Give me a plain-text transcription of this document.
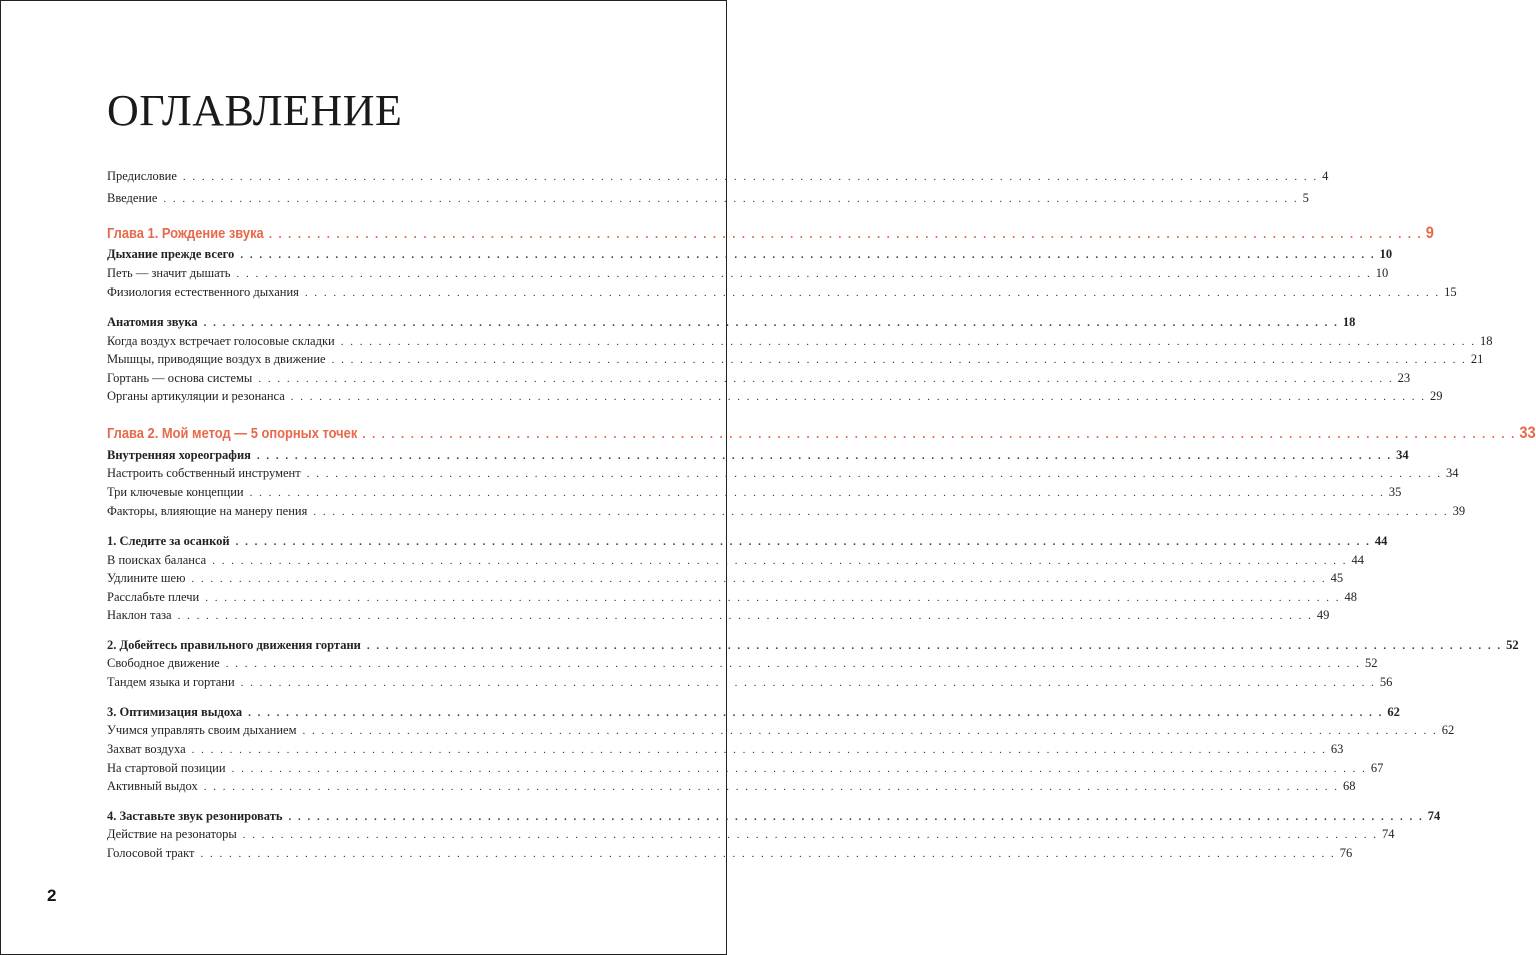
ОГЛАВЛЕНИЕ
Предисловие . . . . . . . . . . . . . . . . . . . . . . . . . . . . . . . . . . . . . . . . . . . . . . . . . . . . . . . . . . . . . . . . . . . . . . . . . . . . . . . . . . . . . . . . . . . . . . . . . . . . . . . . . . . . . . . . . . . . . . . . 4
Введение . . . . . . . . . . . . . . . . . . . . . . . . . . . . . . . . . . . . . . . . . . . . . . . . . . . . . . . . . . . . . . . . . . . . . . . . . . . . . . . . . . . . . . . . . . . . . . . . . . . . . . . . . . . . . . . . . . . . . . . . 5
Глава 1. Рождение звука . . . . . . . . . . . . . . . . . . . . . . . . . . . . . . . . . . . . . . . . . . . . . . . . . . . . . . . . . . . . . . . . . . . . . . . . . . . . . . . . . . . . . . . . . . . . . . . . . . . . . . . . . . . . . . . . . . . . . . . . 9
Дыхание прежде всего . . . . . . . . . . . . . . . . . . . . . . . . . . . . . . . . . . . . . . . . . . . . . . . . . . . . . . . . . . . . . . . . . . . . . . . . . . . . . . . . . . . . . . . . . . . . . . . . . . . . . . . . . . . . . . . . . . . . . . . . 10
Петь — значит дышать . . . . . . . . . . . . . . . . . . . . . . . . . . . . . . . . . . . . . . . . . . . . . . . . . . . . . . . . . . . . . . . . . . . . . . . . . . . . . . . . . . . . . . . . . . . . . . . . . . . . . . . . . . . . . . . . . . . . . . . . 10
Физиология естественного дыхания . . . . . . . . . . . . . . . . . . . . . . . . . . . . . . . . . . . . . . . . . . . . . . . . . . . . . . . . . . . . . . . . . . . . . . . . . . . . . . . . . . . . . . . . . . . . . . . . . . . . . . . . . . . . . . . . . . . . . . . . 15
Анатомия звука . . . . . . . . . . . . . . . . . . . . . . . . . . . . . . . . . . . . . . . . . . . . . . . . . . . . . . . . . . . . . . . . . . . . . . . . . . . . . . . . . . . . . . . . . . . . . . . . . . . . . . . . . . . . . . . . . . . . . . . . 18
Когда воздух встречает голосовые складки . . . . . . . . . . . . . . . . . . . . . . . . . . . . . . . . . . . . . . . . . . . . . . . . . . . . . . . . . . . . . . . . . . . . . . . . . . . . . . . . . . . . . . . . . . . . . . . . . . . . . . . . . . . . . . . . . . . . . . . . 18
Мышцы, приводящие воздух в движение . . . . . . . . . . . . . . . . . . . . . . . . . . . . . . . . . . . . . . . . . . . . . . . . . . . . . . . . . . . . . . . . . . . . . . . . . . . . . . . . . . . . . . . . . . . . . . . . . . . . . . . . . . . . . . . . . . . . . . . . 21
Гортань — основа системы . . . . . . . . . . . . . . . . . . . . . . . . . . . . . . . . . . . . . . . . . . . . . . . . . . . . . . . . . . . . . . . . . . . . . . . . . . . . . . . . . . . . . . . . . . . . . . . . . . . . . . . . . . . . . . . . . . . . . . . . 23
Органы артикуляции и резонанса . . . . . . . . . . . . . . . . . . . . . . . . . . . . . . . . . . . . . . . . . . . . . . . . . . . . . . . . . . . . . . . . . . . . . . . . . . . . . . . . . . . . . . . . . . . . . . . . . . . . . . . . . . . . . . . . . . . . . . . . 29
Глава 2. Мой метод — 5 опорных точек . . . . . . . . . . . . . . . . . . . . . . . . . . . . . . . . . . . . . . . . . . . . . . . . . . . . . . . . . . . . . . . . . . . . . . . . . . . . . . . . . . . . . . . . . . . . . . . . . . . . . . . . . . . . . . . . . . . . . . . . 33
Внутренняя хореография . . . . . . . . . . . . . . . . . . . . . . . . . . . . . . . . . . . . . . . . . . . . . . . . . . . . . . . . . . . . . . . . . . . . . . . . . . . . . . . . . . . . . . . . . . . . . . . . . . . . . . . . . . . . . . . . . . . . . . . . 34
Настроить собственный инструмент . . . . . . . . . . . . . . . . . . . . . . . . . . . . . . . . . . . . . . . . . . . . . . . . . . . . . . . . . . . . . . . . . . . . . . . . . . . . . . . . . . . . . . . . . . . . . . . . . . . . . . . . . . . . . . . . . . . . . . . . 34
Три ключевые концепции . . . . . . . . . . . . . . . . . . . . . . . . . . . . . . . . . . . . . . . . . . . . . . . . . . . . . . . . . . . . . . . . . . . . . . . . . . . . . . . . . . . . . . . . . . . . . . . . . . . . . . . . . . . . . . . . . . . . . . . . 35
Факторы, влияющие на манеру пения . . . . . . . . . . . . . . . . . . . . . . . . . . . . . . . . . . . . . . . . . . . . . . . . . . . . . . . . . . . . . . . . . . . . . . . . . . . . . . . . . . . . . . . . . . . . . . . . . . . . . . . . . . . . . . . . . . . . . . . . 39
1. Следите за осанкой . . . . . . . . . . . . . . . . . . . . . . . . . . . . . . . . . . . . . . . . . . . . . . . . . . . . . . . . . . . . . . . . . . . . . . . . . . . . . . . . . . . . . . . . . . . . . . . . . . . . . . . . . . . . . . . . . . . . . . . . 44
В поисках баланса . . . . . . . . . . . . . . . . . . . . . . . . . . . . . . . . . . . . . . . . . . . . . . . . . . . . . . . . . . . . . . . . . . . . . . . . . . . . . . . . . . . . . . . . . . . . . . . . . . . . . . . . . . . . . . . . . . . . . . . . 44
Удлините шею . . . . . . . . . . . . . . . . . . . . . . . . . . . . . . . . . . . . . . . . . . . . . . . . . . . . . . . . . . . . . . . . . . . . . . . . . . . . . . . . . . . . . . . . . . . . . . . . . . . . . . . . . . . . . . . . . . . . . . . . 45
Расслабьте плечи . . . . . . . . . . . . . . . . . . . . . . . . . . . . . . . . . . . . . . . . . . . . . . . . . . . . . . . . . . . . . . . . . . . . . . . . . . . . . . . . . . . . . . . . . . . . . . . . . . . . . . . . . . . . . . . . . . . . . . . . 48
Наклон таза . . . . . . . . . . . . . . . . . . . . . . . . . . . . . . . . . . . . . . . . . . . . . . . . . . . . . . . . . . . . . . . . . . . . . . . . . . . . . . . . . . . . . . . . . . . . . . . . . . . . . . . . . . . . . . . . . . . . . . . . 49
2. Добейтесь правильного движения гортани . . . . . . . . . . . . . . . . . . . . . . . . . . . . . . . . . . . . . . . . . . . . . . . . . . . . . . . . . . . . . . . . . . . . . . . . . . . . . . . . . . . . . . . . . . . . . . . . . . . . . . . . . . . . . . . . . . . . . . . . 52
Свободное движение . . . . . . . . . . . . . . . . . . . . . . . . . . . . . . . . . . . . . . . . . . . . . . . . . . . . . . . . . . . . . . . . . . . . . . . . . . . . . . . . . . . . . . . . . . . . . . . . . . . . . . . . . . . . . . . . . . . . . . . . 52
Тандем языка и гортани . . . . . . . . . . . . . . . . . . . . . . . . . . . . . . . . . . . . . . . . . . . . . . . . . . . . . . . . . . . . . . . . . . . . . . . . . . . . . . . . . . . . . . . . . . . . . . . . . . . . . . . . . . . . . . . . . . . . . . . . 56
3. Оптимизация выдоха . . . . . . . . . . . . . . . . . . . . . . . . . . . . . . . . . . . . . . . . . . . . . . . . . . . . . . . . . . . . . . . . . . . . . . . . . . . . . . . . . . . . . . . . . . . . . . . . . . . . . . . . . . . . . . . . . . . . . . . . 62
Учимся управлять своим дыханием . . . . . . . . . . . . . . . . . . . . . . . . . . . . . . . . . . . . . . . . . . . . . . . . . . . . . . . . . . . . . . . . . . . . . . . . . . . . . . . . . . . . . . . . . . . . . . . . . . . . . . . . . . . . . . . . . . . . . . . . 62
Захват воздуха . . . . . . . . . . . . . . . . . . . . . . . . . . . . . . . . . . . . . . . . . . . . . . . . . . . . . . . . . . . . . . . . . . . . . . . . . . . . . . . . . . . . . . . . . . . . . . . . . . . . . . . . . . . . . . . . . . . . . . . . 63
На стартовой позиции . . . . . . . . . . . . . . . . . . . . . . . . . . . . . . . . . . . . . . . . . . . . . . . . . . . . . . . . . . . . . . . . . . . . . . . . . . . . . . . . . . . . . . . . . . . . . . . . . . . . . . . . . . . . . . . . . . . . . . . . 67
Активный выдох . . . . . . . . . . . . . . . . . . . . . . . . . . . . . . . . . . . . . . . . . . . . . . . . . . . . . . . . . . . . . . . . . . . . . . . . . . . . . . . . . . . . . . . . . . . . . . . . . . . . . . . . . . . . . . . . . . . . . . . . 68
4. Заставьте звук резонировать . . . . . . . . . . . . . . . . . . . . . . . . . . . . . . . . . . . . . . . . . . . . . . . . . . . . . . . . . . . . . . . . . . . . . . . . . . . . . . . . . . . . . . . . . . . . . . . . . . . . . . . . . . . . . . . . . . . . . . . . 74
Действие на резонаторы . . . . . . . . . . . . . . . . . . . . . . . . . . . . . . . . . . . . . . . . . . . . . . . . . . . . . . . . . . . . . . . . . . . . . . . . . . . . . . . . . . . . . . . . . . . . . . . . . . . . . . . . . . . . . . . . . . . . . . . . 74
Голосовой тракт . . . . . . . . . . . . . . . . . . . . . . . . . . . . . . . . . . . . . . . . . . . . . . . . . . . . . . . . . . . . . . . . . . . . . . . . . . . . . . . . . . . . . . . . . . . . . . . . . . . . . . . . . . . . . . . . . . . . . . . . 76
2
